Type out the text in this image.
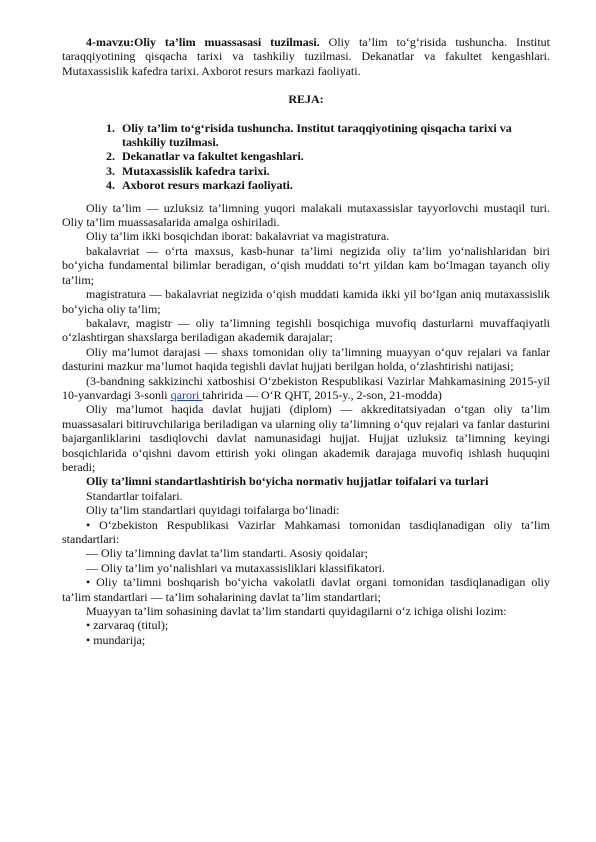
4-mavzu:Oliy ta’lim muassasasi tuzilmasi. Oliy ta’lim to‘g‘risida tushuncha. Institut taraqqiyotining qisqacha tarixi va tashkiliy tuzilmasi. Dekanatlar va fakultet kengashlari. Mutaxassislik kafedra tarixi. Axborot resurs markazi faoliyati.

REJA:

1. Oliy ta’lim to‘g‘risida tushuncha. Institut taraqqiyotining qisqacha tarixi va tashkiliy tuzilmasi.
2. Dekanatlar va fakultet kengashlari.
3. Mutaxassislik kafedra tarixi.
4. Axborot resurs markazi faoliyati.

Oliy ta’lim — uzluksiz ta’limning yuqori malakali mutaxassislar tayyorlovchi mustaqil turi. Oliy ta’lim muassasalarida amalga oshiriladi.

Oliy ta’lim ikki bosqichdan iborat: bakalavriat va magistratura.

bakalavriat — o‘rta maxsus, kasb-hunar ta’limi negizida oliy ta’lim yo‘nalishlaridan biri bo‘yicha fundamental bilimlar beradigan, o‘qish muddati to‘rt yildan kam bo‘lmagan tayanch oliy ta’lim;

magistratura — bakalavriat negizida o‘qish muddati kamida ikki yil bo‘lgan aniq mutaxassislik bo‘yicha oliy ta’lim;

bakalavr, magistr — oliy ta’limning tegishli bosqichiga muvofiq dasturlarni muvaffaqiyatli o‘zlashtirgan shaxslarga beriladigan akademik darajalar;

Oliy ma’lumot darajasi — shaxs tomonidan oliy ta’limning muayyan o‘quv rejalari va fanlar dasturini mazkur ma’lumot haqida tegishli davlat hujjati berilgan holda, o‘zlashtirishi natijasi;

(3-bandning sakkizinchi xatboshisi O‘zbekiston Respublikasi Vazirlar Mahkamasining 2015-yil 10-yanvardagi 3-sonli qarori tahririda — O‘R QHT, 2015-y., 2-son, 21-modda)

Oliy ma’lumot haqida davlat hujjati (diplom) — akkreditatsiyadan o‘tgan oliy ta’lim muassasalari bitiruvchilariga beriladigan va ularning oliy ta’limning o‘quv rejalari va fanlar dasturini bajarganliklarini tasdiqlovchi davlat namunasidagi hujjat. Hujjat uzluksiz ta’limning keyingi bosqichlarida o‘qishni davom ettirish yoki olingan akademik darajaga muvofiq ishlash huquqini beradi;

Oliy ta’limni standartlashtirish bo‘yicha normativ hujjatlar toifalari va turlari

Standartlar toifalari.

Oliy ta’lim standartlari quyidagi toifalarga bo‘linadi:

• O‘zbekiston Respublikasi Vazirlar Mahkamasi tomonidan tasdiqlanadigan oliy ta’lim standartlari:

— Oliy ta’limning davlat ta’lim standarti. Asosiy qoidalar;

— Oliy ta’lim yo‘nalishlari va mutaxassisliklari klassifikatori.

• Oliy ta’limni boshqarish bo‘yicha vakolatli davlat organi tomonidan tasdiqlanadigan oliy ta’lim standartlari — ta’lim sohalarining davlat ta’lim standartlari;

Muayyan ta’lim sohasining davlat ta’lim standarti quyidagilarni o‘z ichiga olishi lozim:

• zarvaraq (titul);

• mundarija;
